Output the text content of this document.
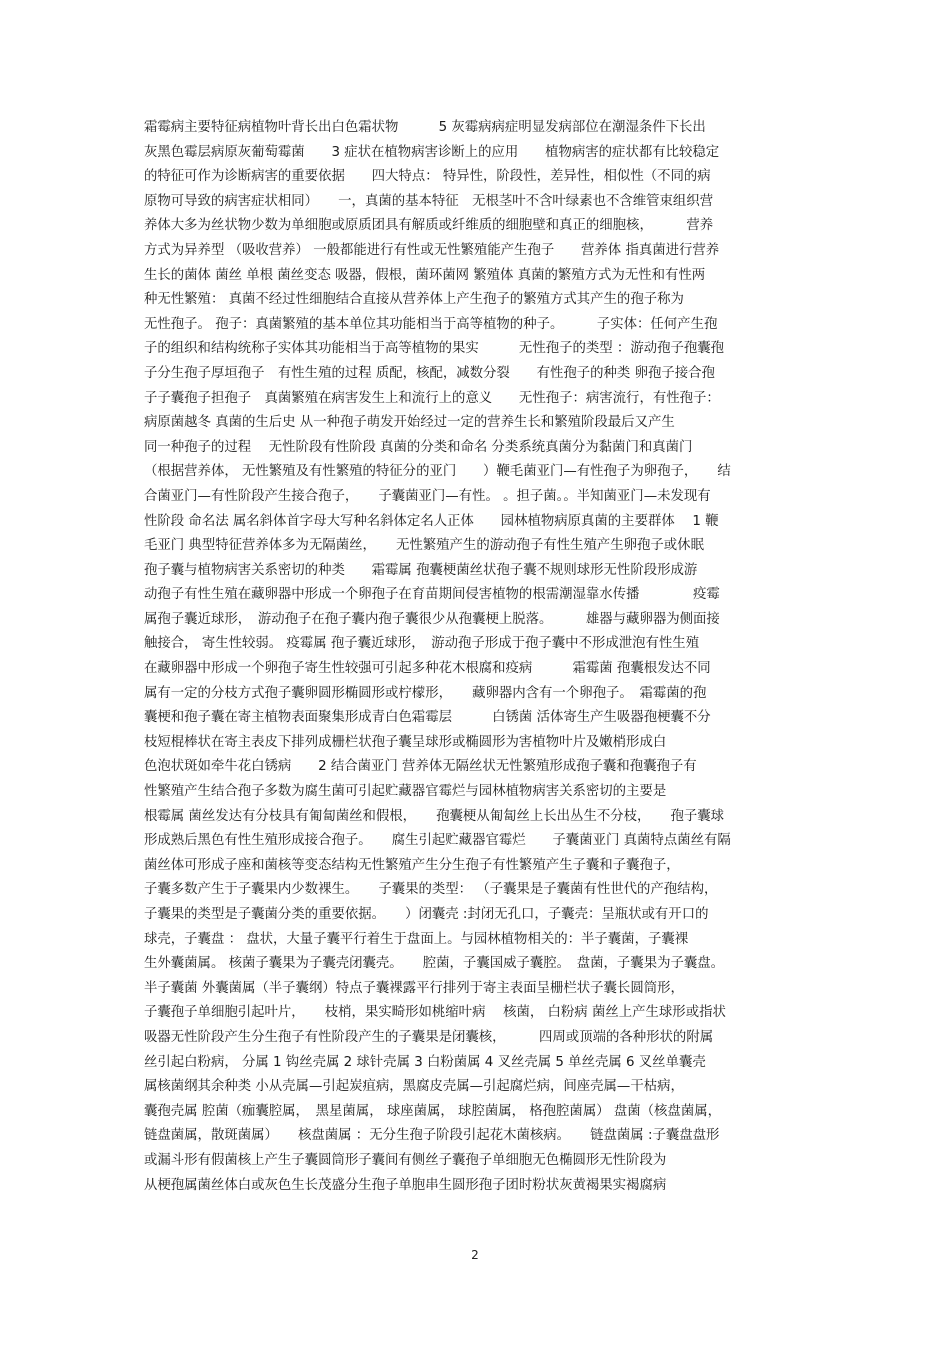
霜霉病主要特征病植物叶背长出白色霜状物　　　5 灰霉病病症明显发病部位在潮湿条件下长出
灰黑色霉层病原灰葡萄霉菌　　3 症状在植物病害诊断上的应用　　植物病害的症状都有比较稳定
的特征可作为诊断病害的重要依据　　四大特点： 特异性，阶段性，差异性，相似性（不同的病
原物可导致的病害症状相同）　　一，真菌的基本特征　无根茎叶不含叶绿素也不含维管束组织营
养体大多为丝状物少数为单细胞或原质团具有解质或纤维质的细胞壁和真正的细胞核，　　　营养
方式为异养型 （吸收营养） 一般都能进行有性或无性繁殖能产生孢子　　营养体 指真菌进行营养
生长的菌体 菌丝 单根 菌丝变态 吸器，假根，菌环菌网 繁殖体 真菌的繁殖方式为无性和有性两
种无性繁殖： 真菌不经过性细胞结合直接从营养体上产生孢子的繁殖方式其产生的孢子称为
无性孢子。 孢子：真菌繁殖的基本单位其功能相当于高等植物的种子。　　　子实体：任何产生孢
子的组织和结构统称子实体其功能相当于高等植物的果实　　　无性孢子的类型 ：游动孢子孢囊孢
子分生孢子厚垣孢子　有性生殖的过程 质配，核配，减数分裂　　有性孢子的种类 卵孢子接合孢
子子囊孢子担孢子　真菌繁殖在病害发生上和流行上的意义　　无性孢子：病害流行，有性孢子：
病原菌越冬 真菌的生后史 从一种孢子萌发开始经过一定的营养生长和繁殖阶段最后又产生
同一种孢子的过程　 无性阶段有性阶段 真菌的分类和命名 分类系统真菌分为黏菌门和真菌门
（根据营养体， 无性繁殖及有性繁殖的特征分的亚门　　）鞭毛菌亚门—有性孢子为卵孢子，　　结
合菌亚门—有性阶段产生接合孢子，　　子囊菌亚门—有性。 。担子菌。。半知菌亚门—未发现有
性阶段 命名法 属名斜体首字母大写种名斜体定名人正体　　园林植物病原真菌的主要群体　 1 鞭
毛亚门 典型特征营养体多为无隔菌丝，　　无性繁殖产生的游动孢子有性生殖产生卵孢子或休眠
孢子囊与植物病害关系密切的种类　　霜霉属 孢囊梗菌丝状孢子囊不规则球形无性阶段形成游
动孢子有性生殖在藏卵器中形成一个卵孢子在育苗期间侵害植物的根需潮湿靠水传播　　　　疫霉
属孢子囊近球形，　游动孢子在孢子囊内孢子囊很少从孢囊梗上脱落。　　　雄器与藏卵器为侧面接
触接合， 寄生性较弱。 疫霉属 孢子囊近球形，　游动孢子形成于孢子囊中不形成泄泡有性生殖
在藏卵器中形成一个卵孢子寄生性较强可引起多种花木根腐和疫病　　　霜霉菌 孢囊根发达不同
属有一定的分枝方式孢子囊卵圆形椭圆形或柠檬形，　　藏卵器内含有一个卵孢子。　霜霉菌的孢
囊梗和孢子囊在寄主植物表面聚集形成青白色霜霉层　　　白锈菌 活体寄生产生吸器孢梗囊不分
枝短棍棒状在寄主表皮下排列成栅栏状孢子囊呈球形或椭圆形为害植物叶片及嫩梢形成白
色泡状斑如牵牛花白锈病　　2 结合菌亚门 营养体无隔丝状无性繁殖形成孢子囊和孢囊孢子有
性繁殖产生结合孢子多数为腐生菌可引起贮藏器官霉烂与园林植物病害关系密切的主要是
根霉属 菌丝发达有分枝具有匍匐菌丝和假根，　　孢囊梗从匍匐丝上长出丛生不分枝，　　孢子囊球
形成熟后黑色有性生殖形成接合孢子。　　腐生引起贮藏器官霉烂　　子囊菌亚门 真菌特点菌丝有隔
菌丝体可形成子座和菌核等变态结构无性繁殖产生分生孢子有性繁殖产生子囊和子囊孢子，
子囊多数产生于子囊果内少数裸生。　　子囊果的类型： （子囊果是子囊菌有性世代的产孢结构，
子囊果的类型是子囊菌分类的重要依据。　　）闭囊壳 :封闭无孔口，子囊壳：呈瓶状或有开口的
球壳，子囊盘 ： 盘状，大量子囊平行着生于盘面上。与园林植物相关的：半子囊菌，子囊裸
生外囊菌属。 核菌子囊果为子囊壳闭囊壳。　　腔菌，子囊国威子囊腔。　盘菌，子囊果为子囊盘。
半子囊菌 外囊菌属（半子囊纲）特点子囊裸露平行排列于寄主表面呈栅栏状子囊长圆筒形，
子囊孢子单细胞引起叶片，　　枝梢，果实畸形如桃缩叶病　 核菌， 白粉病 菌丝上产生球形或指状
吸器无性阶段产生分生孢子有性阶段产生的子囊果是闭囊核，　　　四周或顶端的各种形状的附属
丝引起白粉病， 分属 1 钩丝壳属 2 球针壳属 3 白粉菌属 4 叉丝壳属 5 单丝壳属 6 叉丝单囊壳
属核菌纲其余种类 小从壳属—引起炭疽病，黑腐皮壳属—引起腐烂病，间座壳属—干枯病，
囊孢壳属 腔菌（痂囊腔属，　黑星菌属， 球座菌属， 球腔菌属， 格孢腔菌属） 盘菌（核盘菌属，
链盘菌属，散斑菌属）　　核盘菌属 ：无分生孢子阶段引起花木菌核病。　　链盘菌属 :子囊盘盘形
或漏斗形有假菌核上产生子囊圆筒形子囊间有侧丝子囊孢子单细胞无色椭圆形无性阶段为
从梗孢属菌丝体白或灰色生长茂盛分生孢子单胞串生圆形孢子团时粉状灰黄褐果实褐腐病
2
